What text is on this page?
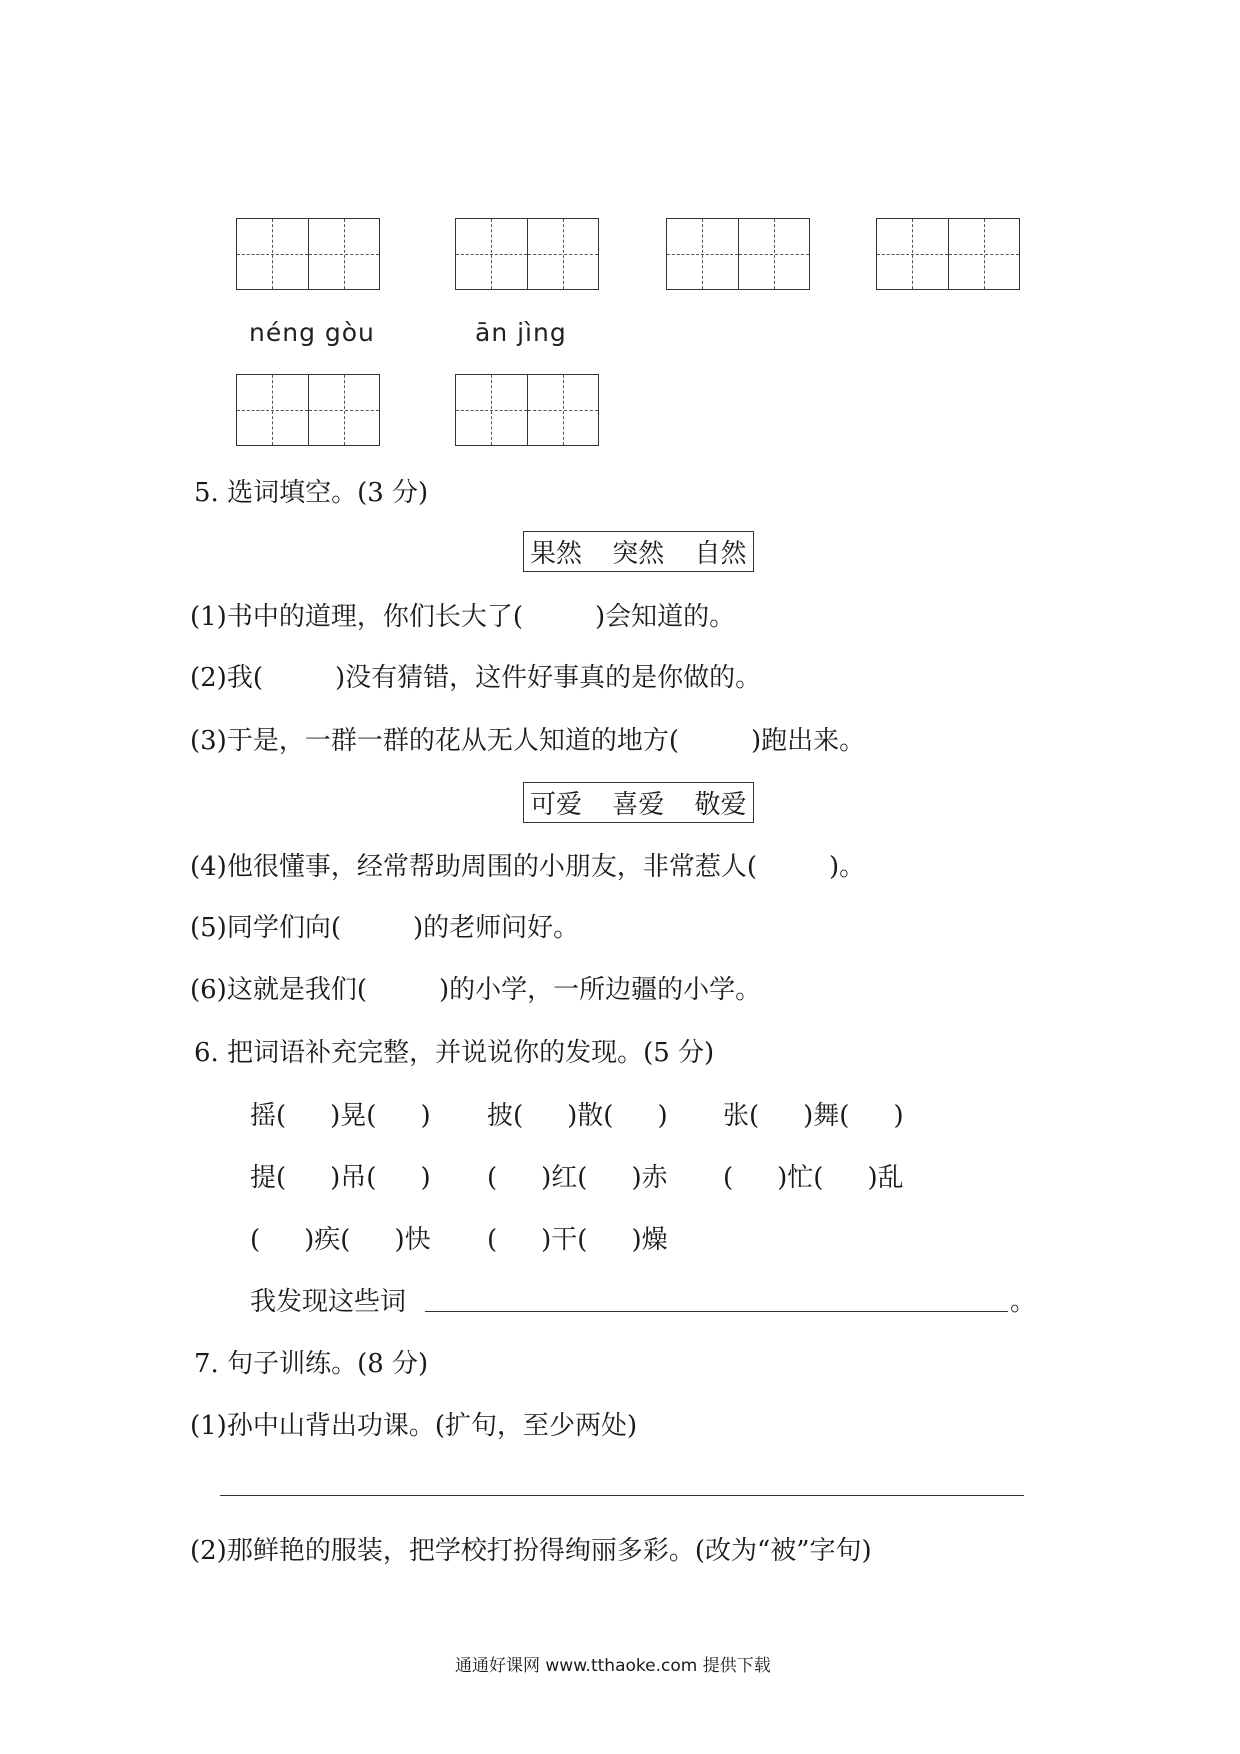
néng gòu	ān jìng
5. 选词填空。(3 分)
果然 突然 自然
(1)书中的道理，你们长大了(	)会知道的。
(2)我(	)没有猜错，这件好事真的是你做的。
(3)于是，一群一群的花从无人知道的地方(	)跑出来。
可爱 喜爱 敬爱
(4)他很懂事，经常帮助周围的小朋友，非常惹人(	)。
(5)同学们向(	)的老师问好。
(6)这就是我们(	)的小学，一所边疆的小学。
6. 把词语补充完整，并说说你的发现。(5 分)
摇( )晃( ) 披( )散( ) 张( )舞( )
提( )吊( ) ( )红( )赤 ( )忙( )乱
( )疾( )快 ( )干( )燥
我发现这些词	。
7. 句子训练。(8 分)
(1)孙中山背出功课。(扩句，至少两处)
(2)那鲜艳的服装，把学校打扮得绚丽多彩。(改为“被”字句)
通通好课网 www.tthaoke.com 提供下载
